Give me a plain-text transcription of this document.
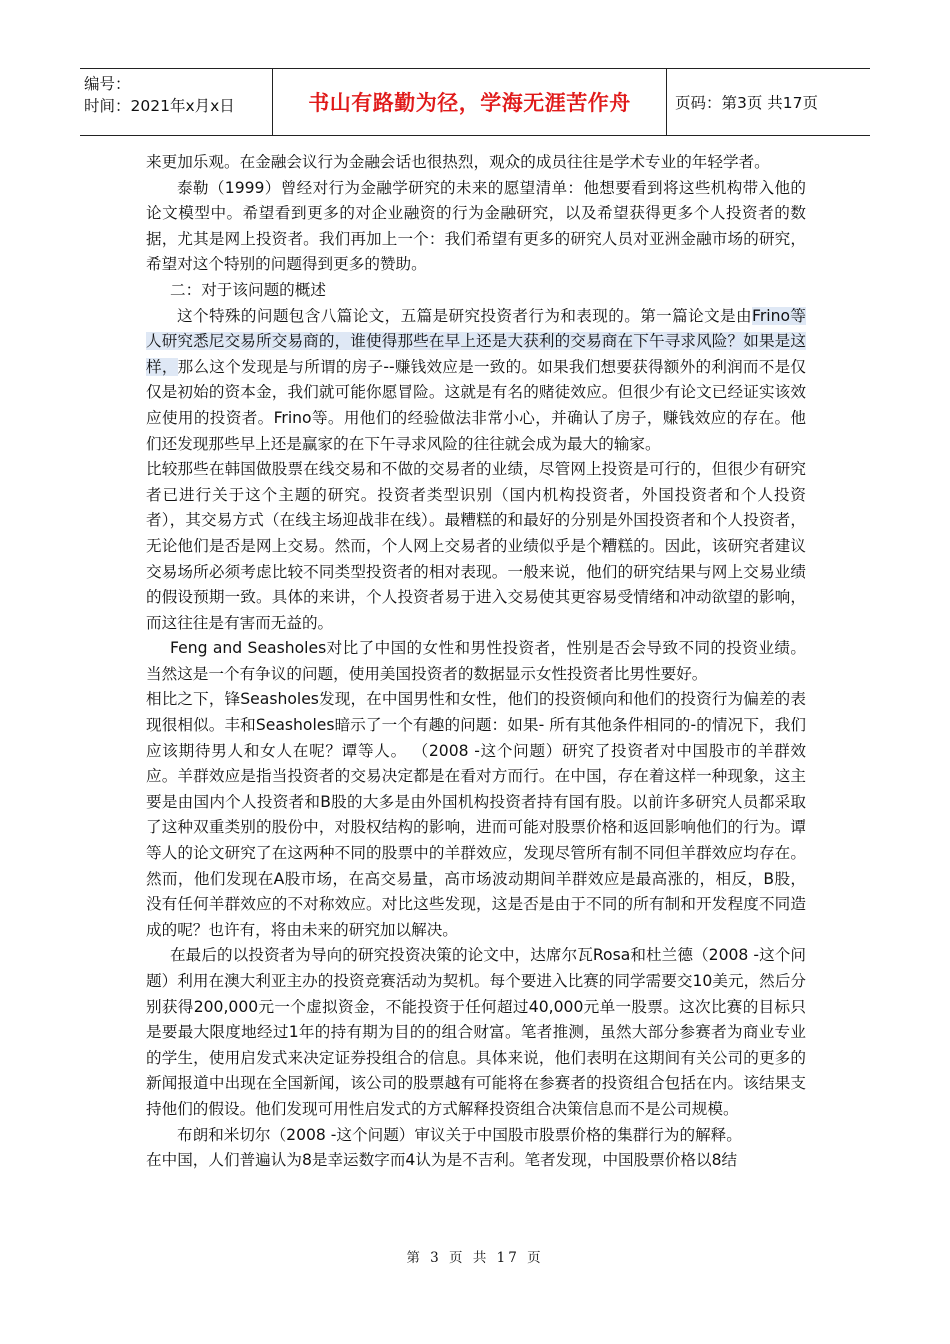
编号：
时间：2021年x月x日	书山有路勤为径，学海无涯苦作舟	页码：第3页 共17页

来更加乐观。在金融会议行为金融会话也很热烈，观众的成员往往是学术专业的年轻学者。

泰勒（1999）曾经对行为金融学研究的未来的愿望清单：他想要看到将这些机构带入他的论文模型中。希望看到更多的对企业融资的行为金融研究，以及希望获得更多个人投资者的数据，尤其是网上投资者。我们再加上一个：我们希望有更多的研究人员对亚洲金融市场的研究，希望对这个特别的问题得到更多的赞助。

二：对于该问题的概述

这个特殊的问题包含八篇论文，五篇是研究投资者行为和表现的。第一篇论文是由Frino等人研究悉尼交易所交易商的，谁使得那些在早上还是大获利的交易商在下午寻求风险？如果是这样，那么这个发现是与所谓的房子--赚钱效应是一致的。如果我们想要获得额外的利润而不是仅仅是初始的资本金，我们就可能你愿冒险。这就是有名的赌徒效应。但很少有论文已经证实该效应使用的投资者。Frino等。用他们的经验做法非常小心，并确认了房子，赚钱效应的存在。他们还发现那些早上还是赢家的在下午寻求风险的往往就会成为最大的输家。

比较那些在韩国做股票在线交易和不做的交易者的业绩，尽管网上投资是可行的，但很少有研究者已进行关于这个主题的研究。投资者类型识别（国内机构投资者，外国投资者和个人投资者），其交易方式（在线主场迎战非在线）。最糟糕的和最好的分别是外国投资者和个人投资者，无论他们是否是网上交易。然而，个人网上交易者的业绩似乎是个糟糕的。因此，该研究者建议交易场所必须考虑比较不同类型投资者的相对表现。一般来说，他们的研究结果与网上交易业绩的假设预期一致。具体的来讲，个人投资者易于进入交易使其更容易受情绪和冲动欲望的影响，而这往往是有害而无益的。

Feng and Seasholes对比了中国的女性和男性投资者，性别是否会导致不同的投资业绩。当然这是一个有争议的问题，使用美国投资者的数据显示女性投资者比男性要好。

相比之下，锋Seasholes发现，在中国男性和女性，他们的投资倾向和他们的投资行为偏差的表现很相似。丰和Seasholes暗示了一个有趣的问题：如果- 所有其他条件相同的-的情况下，我们应该期待男人和女人在呢？谭等人。 （2008 -这个问题）研究了投资者对中国股市的羊群效应。羊群效应是指当投资者的交易决定都是在看对方而行。在中国，存在着这样一种现象，这主要是由国内个人投资者和B股的大多是由外国机构投资者持有国有股。以前许多研究人员都采取了这种双重类别的股份中，对股权结构的影响，进而可能对股票价格和返回影响他们的行为。谭等人的论文研究了在这两种不同的股票中的羊群效应，发现尽管所有制不同但羊群效应均存在。然而，他们发现在A股市场，在高交易量，高市场波动期间羊群效应是最高涨的，相反，B股，没有任何羊群效应的不对称效应。对比这些发现，这是否是由于不同的所有制和开发程度不同造成的呢？也许有，将由未来的研究加以解决。

在最后的以投资者为导向的研究投资决策的论文中，达席尔瓦Rosa和杜兰德（2008 -这个问题）利用在澳大利亚主办的投资竞赛活动为契机。每个要进入比赛的同学需要交10美元，然后分别获得200,000元一个虚拟资金，不能投资于任何超过40,000元单一股票。这次比赛的目标只是要最大限度地经过1年的持有期为目的的组合财富。笔者推测，虽然大部分参赛者为商业专业的学生，使用启发式来决定证券投组合的信息。具体来说，他们表明在这期间有关公司的更多的新闻报道中出现在全国新闻，该公司的股票越有可能将在参赛者的投资组合包括在内。该结果支持他们的假设。他们发现可用性启发式的方式解释投资组合决策信息而不是公司规模。

布朗和米切尔（2008 -这个问题）审议关于中国股市股票价格的集群行为的解释。

在中国，人们普遍认为8是幸运数字而4认为是不吉利。笔者发现，中国股票价格以8结

第 3 页 共 17 页
